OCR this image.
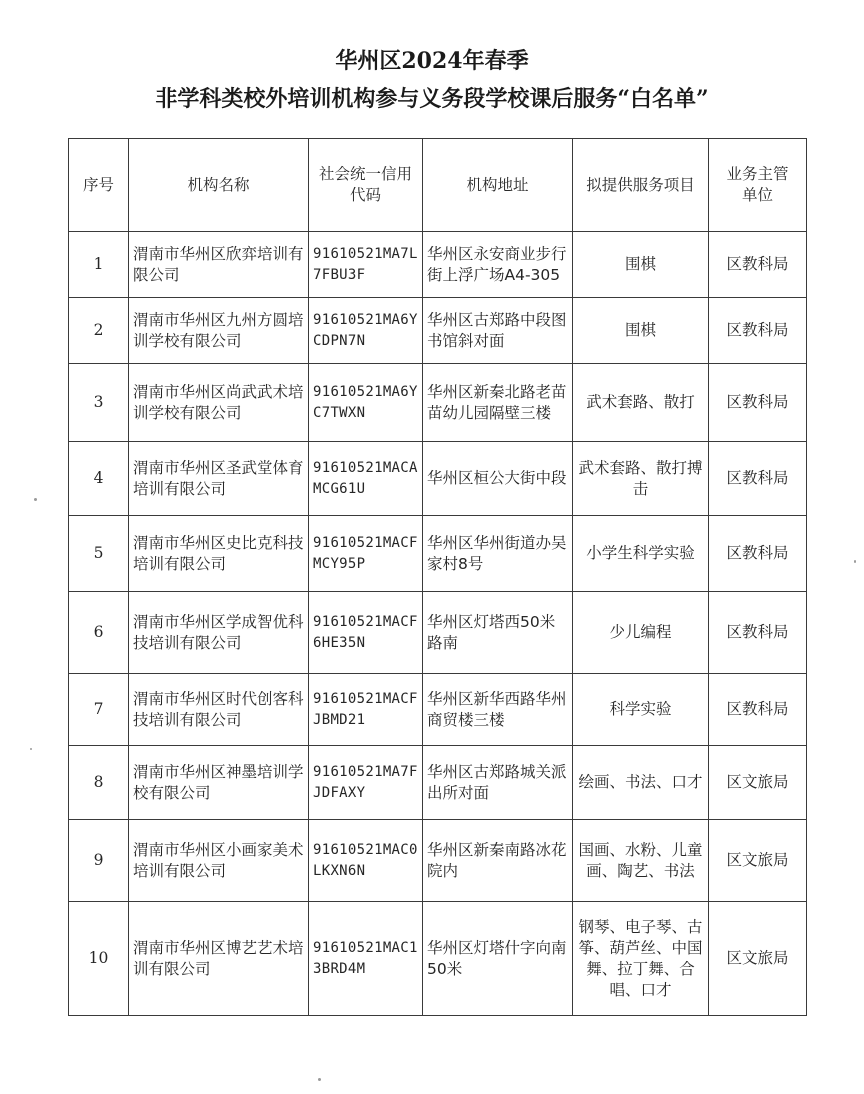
华州区2024年春季
非学科类校外培训机构参与义务段学校课后服务“白名单”
序号	机构名称	社会统一信用代码	机构地址	拟提供服务项目	业务主管单位
1	渭南市华州区欣弈培训有限公司	91610521MA7L7FBU3F	华州区永安商业步行街上浮广场A4-305	围棋	区教科局
2	渭南市华州区九州方圆培训学校有限公司	91610521MA6YCDPN7N	华州区古郑路中段图书馆斜对面	围棋	区教科局
3	渭南市华州区尚武武术培训学校有限公司	91610521MA6YC7TWXN	华州区新秦北路老苗苗幼儿园隔壁三楼	武术套路、散打	区教科局
4	渭南市华州区圣武堂体育培训有限公司	91610521MACAMCG61U	华州区桓公大街中段	武术套路、散打搏击	区教科局
5	渭南市华州区史比克科技培训有限公司	91610521MACFMCY95P	华州区华州街道办吴家村8号	小学生科学实验	区教科局
6	渭南市华州区学成智优科技培训有限公司	91610521MACF6HE35N	华州区灯塔西50米路南	少儿编程	区教科局
7	渭南市华州区时代创客科技培训有限公司	91610521MACFJBMD21	华州区新华西路华州商贸楼三楼	科学实验	区教科局
8	渭南市华州区神墨培训学校有限公司	91610521MA7FJDFAXY	华州区古郑路城关派出所对面	绘画、书法、口才	区文旅局
9	渭南市华州区小画家美术培训有限公司	91610521MAC0LKXN6N	华州区新秦南路冰花院内	国画、水粉、儿童画、陶艺、书法	区文旅局
10	渭南市华州区博艺艺术培训有限公司	91610521MAC13BRD4M	华州区灯塔什字向南50米	钢琴、电子琴、古筝、葫芦丝、中国舞、拉丁舞、合唱、口才	区文旅局
